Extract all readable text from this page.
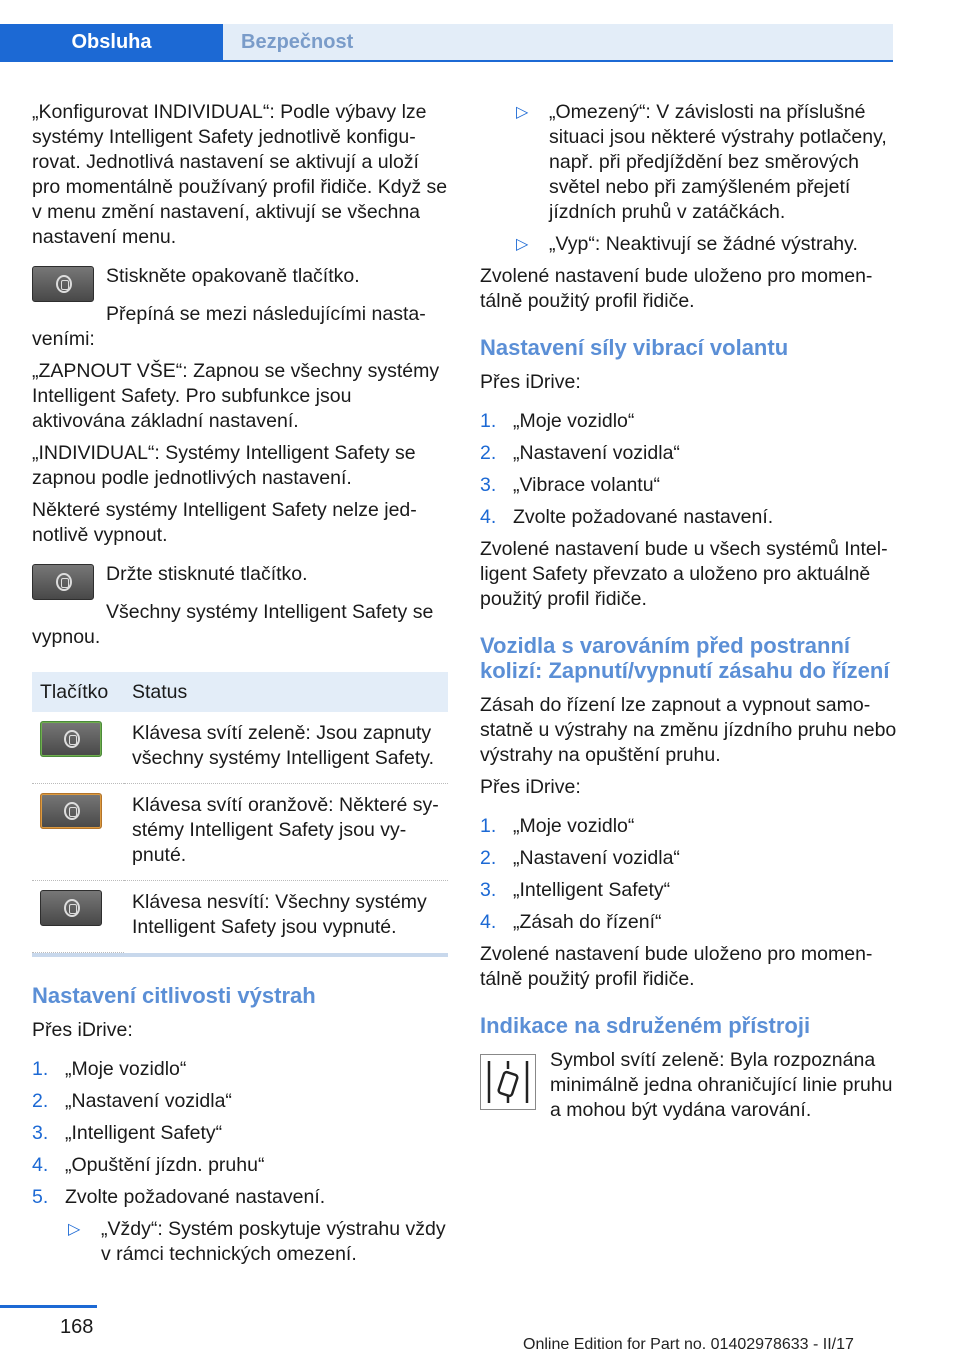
Obsluha	Bezpečnost

„Konfigurovat INDIVIDUAL“: Podle výbavy lze systémy Intelligent Safety jednotlivě konfigurovat. Jednotlivá nastavení se aktivují a uloží pro momentálně používaný profil řidiče. Když se v menu změní nastavení, aktivují se všechna nastavení menu.

Stiskněte opakovaně tlačítko.

Přepíná se mezi následujícími nastaveními:

„ZAPNOUT VŠE“: Zapnou se všechny systémy Intelligent Safety. Pro subfunkce jsou aktivována základní nastavení.

„INDIVIDUAL“: Systémy Intelligent Safety se zapnou podle jednotlivých nastavení.

Některé systémy Intelligent Safety nelze jednotlivě vypnout.

Držte stisknuté tlačítko.

Všechny systémy Intelligent Safety se vypnou.

Tlačítko	Status

	Klávesa svítí zeleně: Jsou zapnuty všechny systémy Intelligent Safety.

	Klávesa svítí oranžově: Některé systémy Intelligent Safety jsou vypnuté.

	Klávesa nesvítí: Všechny systémy Intelligent Safety jsou vypnuté.
Nastavení citlivosti výstrah

Přes iDrive:

1. „Moje vozidlo“
2. „Nastavení vozidla“
3. „Intelligent Safety“
4. „Opuštění jízdn. pruhu“
5. Zvolte požadované nastavení.
▷	„Vždy“: Systém poskytuje výstrahu vždy v rámci technických omezení.
▷	„Omezený“: V závislosti na příslušné situaci jsou některé výstrahy potlačeny, např. při předjíždění bez směrových světel nebo při zamýšleném přejetí jízdních pruhů v zatáčkách.
▷	„Vyp“: Neaktivují se žádné výstrahy.

Zvolené nastavení bude uloženo pro momentálně použitý profil řidiče.

Nastavení síly vibrací volantu

Přes iDrive:

1. „Moje vozidlo“
2. „Nastavení vozidla“
3. „Vibrace volantu“
4. Zvolte požadované nastavení.

Zvolené nastavení bude u všech systémů Intelligent Safety převzato a uloženo pro aktuálně použitý profil řidiče.

Vozidla s varováním před postranní kolizí: Zapnutí/vypnutí zásahu do řízení

Zásah do řízení lze zapnout a vypnout samostatně u výstrahy na změnu jízdního pruhu nebo výstrahy na opuštění pruhu.

Přes iDrive:

1. „Moje vozidlo“
2. „Nastavení vozidla“
3. „Intelligent Safety“
4. „Zásah do řízení“

Zvolené nastavení bude uloženo pro momentálně použitý profil řidiče.

Indikace na sdruženém přístroji

Symbol svítí zeleně: Byla rozpoznána minimálně jedna ohraničující linie pruhu a mohou být vydána varování.

168
Online Edition for Part no. 01402978633 - II/17
